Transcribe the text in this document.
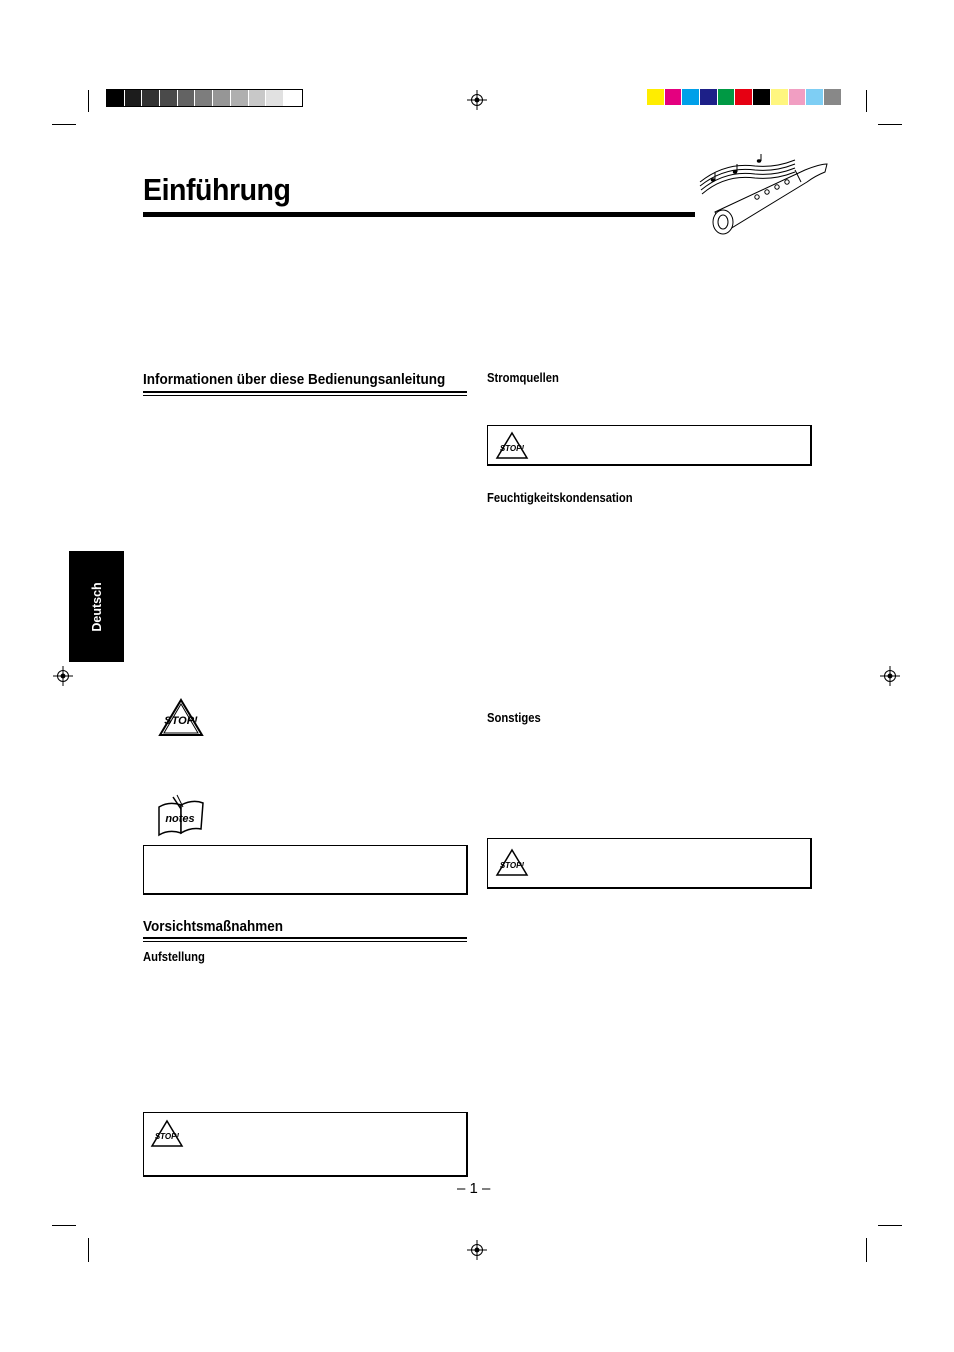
Einführung
Informationen über diese Bedienungsanleitung
STOP!
notes
Vorsichtsmaßnahmen
Aufstellung
STOP!
Deutsch
Stromquellen
STOP!
Feuchtigkeitskondensation
Sonstiges
STOP!
– 1 –
